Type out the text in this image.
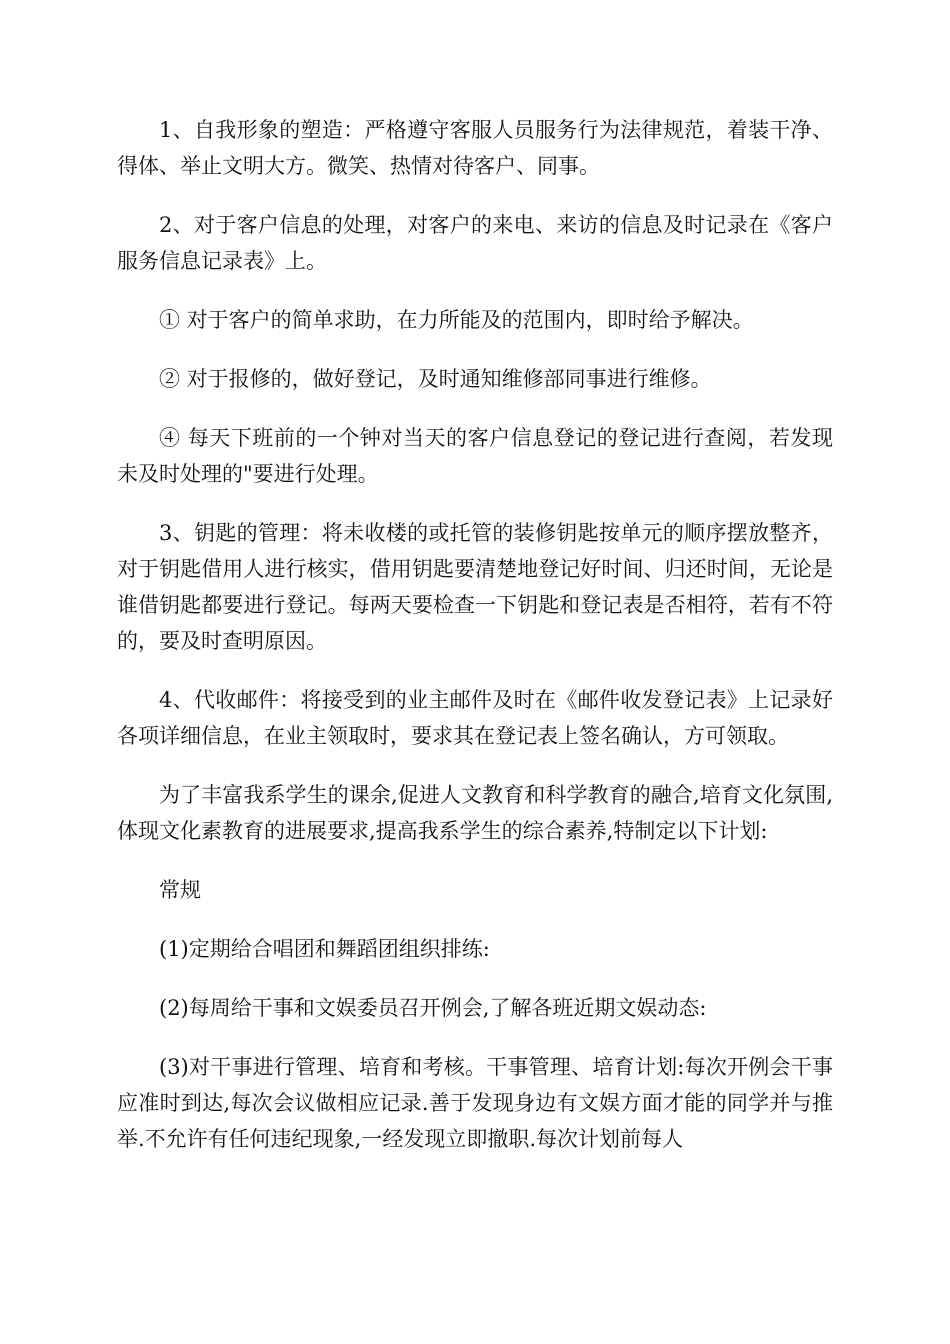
1、自我形象的塑造：严格遵守客服人员服务行为法律规范，着装干净、得体、举止文明大方。微笑、热情对待客户、同事。

2、对于客户信息的处理，对客户的来电、来访的信息及时记录在《客户服务信息记录表》上。

① 对于客户的简单求助，在力所能及的范围内，即时给予解决。

② 对于报修的，做好登记，及时通知维修部同事进行维修。

④ 每天下班前的一个钟对当天的客户信息登记的登记进行查阅，若发现未及时处理的"要进行处理。

3、钥匙的管理：将未收楼的或托管的装修钥匙按单元的顺序摆放整齐，对于钥匙借用人进行核实，借用钥匙要清楚地登记好时间、归还时间，无论是谁借钥匙都要进行登记。每两天要检查一下钥匙和登记表是否相符，若有不符的，要及时查明原因。

4、代收邮件：将接受到的业主邮件及时在《邮件收发登记表》上记录好各项详细信息，在业主领取时，要求其在登记表上签名确认，方可领取。

为了丰富我系学生的课余,促进人文教育和科学教育的融合,培育文化氛围,体现文化素教育的进展要求,提高我系学生的综合素养,特制定以下计划:

常规

(1)定期给合唱团和舞蹈团组织排练:

(2)每周给干事和文娱委员召开例会,了解各班近期文娱动态:

(3)对干事进行管理、培育和考核。干事管理、培育计划:每次开例会干事应准时到达,每次会议做相应记录.善于发现身边有文娱方面才能的同学并与推举.不允许有任何违纪现象,一经发现立即撤职.每次计划前每人
